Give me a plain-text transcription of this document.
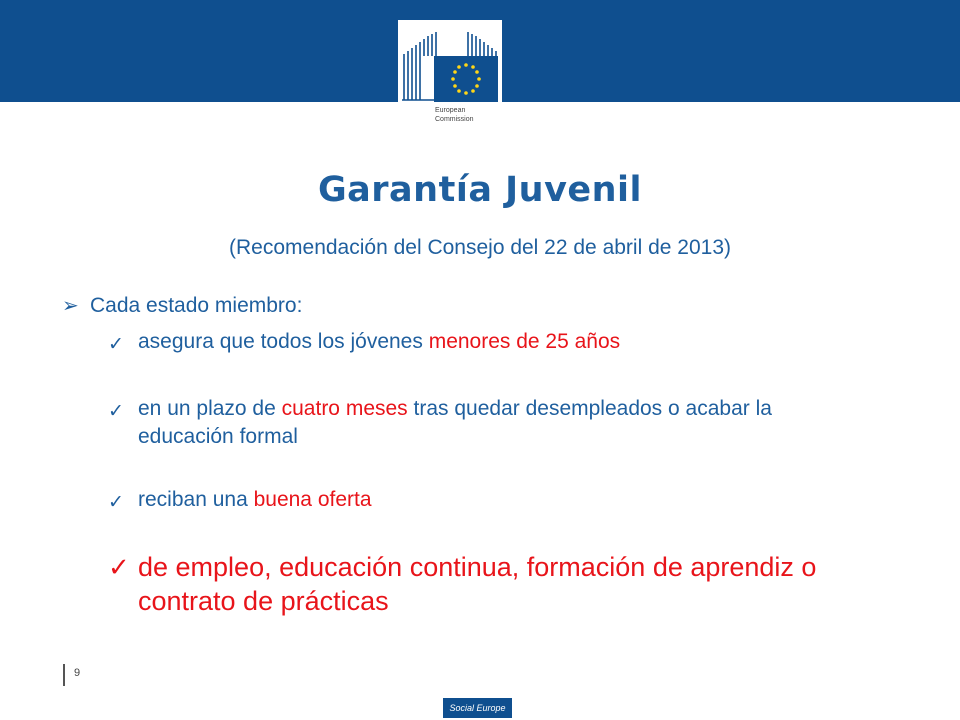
European
Commission
Garantía Juvenil
(Recomendación del Consejo del 22 de abril de 2013)
➢ Cada estado miembro:
✓ asegura que todos los jóvenes menores de 25 años
✓ en un plazo de cuatro meses tras quedar desempleados o acabar la educación formal
✓ reciban una buena oferta
✓ de empleo, educación continua, formación de aprendiz o contrato de prácticas
9
Social Europe
